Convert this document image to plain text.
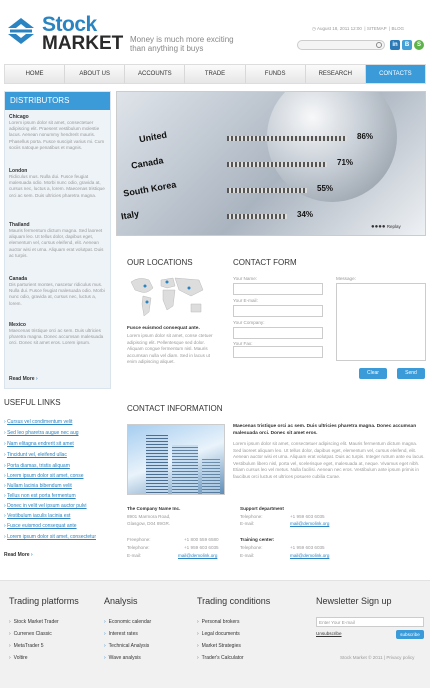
Stock
MARKET Money is much more exciting than anything it buys
◷ August 18, 2011 12:00  | SITEMAP  | BLOG
in	B	S
HOME	ABOUT US	ACCOUNTS	TRADE	FUNDS	RESEARCH	CONTACTS
DISTRIBUTORS
Chicago
Lorem ipsum dolor sit amet, consectetuer adipiscing elit. Praesent vestibulum molestie lacus. Aenean nonummy hendrerit mauris. Phasellus porta. Fusce suscipit varius mi. Cum sociis natoque penatibus et magnis.
London
Ridiculus mus. Nulla dui. Fusce feugiat malesuada odio. Morbi nunc odio, gravida at, cursus nec, luctus a, lorem. Maecenas tristique orci ac sem. Duis ultricies pharetra magna.
Thailand
Mauris fermentum dictum magna. Sed laoreet aliquam leo. Ut tellus dolor, dapibus eget, elementum vel, cursus eleifend, elit. Aenean auctor wisi et urna. Aliquam erat volutpat. Duis ac turpis.
Canada
Dis parturient montes, nascetur ridiculus mus. Nulla dui. Fusce feugiat malesuada odio. Morbi nunc odio, gravida at, cursus nec, luctus a, lorem.
Mexico
Maecenas tristique orci ac sem. Duis ultricies pharetra magna. Donec accumsan malesuada orci. Donec sit amet eros. Lorem ipsum.
Read More ›
United
Canada
South Korea
Italy
86%
71%
55%
34%
●●●● Replay
OUR LOCATIONS
Fusce euismod consequat ante.
Lorem ipsum dolor sit amet, conse ctetuer adipiscing elit. Pellentesque sed dolor. Aliquam congue fermentum nisl. Mauris accumsan nulla vel diam. Sed in lacus ut enim adipiscing aliquet.
CONTACT FORM
Your Name:
Your E-mail:
Your Company:
Your Fax:
Message:
Clear	Send
USEFUL LINKS
› Cursus vel condimentum velit
› Sed leo pharetra augue nec aug
› Nam elitagna endrerit sit amet
› Tincidunt vel, eleifend ullac
› Porta diamas, tristis aliquam
› Lorem ipsum dolor sit amet, conse
› Nullam lacinia bibendum velit
› Tellus non est porta fermentum
› Donec in velit vel ipsum auctor pulvi
› Vestibulum iaculis lacinia est
› Fusce euismod consequat ante
› Lorem ipsum dolor sit amet, consectetur
Read More ›
CONTACT INFORMATION
Maecenas tristique orci ac sem. Duis ultricies pharetra magna. Donec accumsan malesuada orci. Donec sit amet eros.
Lorem ipsum dolor sit amet, consectetuer adipiscing elit. Mauris fermentum dictum magna. Sed laoreet aliquam leo. Ut tellus dolor, dapibus eget, elementum vel, cursus eleifend, elit. Aenean auctor wisi et urna. Aliquam erat volutpat. Duis ac turpis. Integer rutrum ante eu lacus. Vestibulum libero nisl, porta vel, scelerisque eget, malesuada at, neque. Vivamus eget nibh. Etiam cursus leo vel metus. Nulla facilisi. Aenean nec eros. Vestibulum ante ipsum primis in faucibus orci luctus et ultrices posuere cubilia Curae.
The Company Name Inc.
8901 Marmora Road,
Glasgow, D04 89GR.
Freephone:	+1 800 559 6580
Telephone:	+1 959 603 6035
E-mail:	mail@demolink.org
Support department
Telephone:	+1 959 603 6035
E-mail:	mail@demolink.org
Training center:
Telephone:	+1 959 603 6035
E-mail:	mail@demolink.org
Trading platforms
› Stock Market Trader
› Currenex Classic
› MetaTrader 5
› Voltire
Analysis
› Economic calendar
› Interest rates
› Technical Analysis
› Wave analysis
Trading conditions
› Personal brokers
› Legal documents
› Market Strategies
› Trader's Calculator
Newsletter Sign up
Enter Your E-mail
Unsubscribe	subscribe
Stock Market © 2011 | Privacy policy
